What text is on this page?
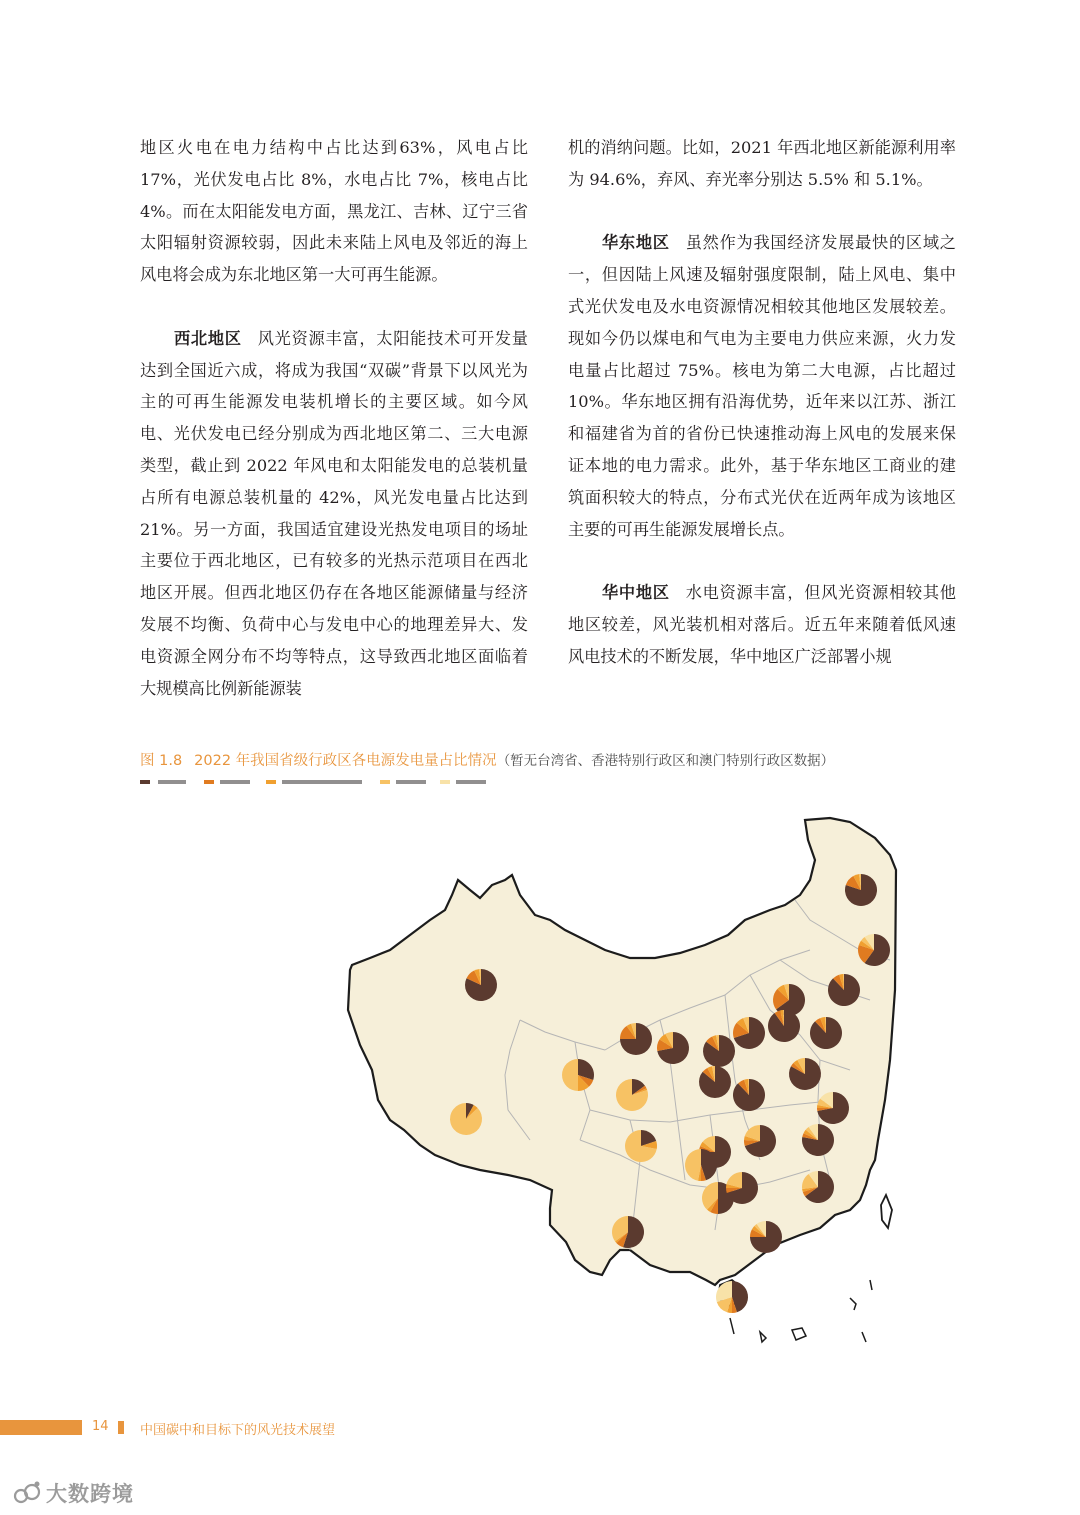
地区火电在电力结构中占比达到63%，风电占比17%，光伏发电占比 8%，水电占比 7%，核电占比4%。而在太阳能发电方面，黑龙江、吉林、辽宁三省太阳辐射资源较弱，因此未来陆上风电及邻近的海上风电将会成为东北地区第一大可再生能源。

西北地区 风光资源丰富，太阳能技术可开发量达到全国近六成，将成为我国“双碳”背景下以风光为主的可再生能源发电装机增长的主要区域。如今风电、光伏发电已经分别成为西北地区第二、三大电源类型，截止到 2022 年风电和太阳能发电的总装机量占所有电源总装机量的 42%，风光发电量占比达到 21%。另一方面，我国适宜建设光热发电项目的场址主要位于西北地区，已有较多的光热示范项目在西北地区开展。但西北地区仍存在各地区能源储量与经济发展不均衡、负荷中心与发电中心的地理差异大、发电资源全网分布不均等特点，这导致西北地区面临着大规模高比例新能源装

机的消纳问题。比如，2021 年西北地区新能源利用率为 94.6%，弃风、弃光率分别达 5.5% 和 5.1%。

华东地区 虽然作为我国经济发展最快的区域之一，但因陆上风速及辐射强度限制，陆上风电、集中式光伏发电及水电资源情况相较其他地区发展较差。现如今仍以煤电和气电为主要电力供应来源，火力发电量占比超过 75%。核电为第二大电源，占比超过 10%。华东地区拥有沿海优势，近年来以江苏、浙江和福建省为首的省份已快速推动海上风电的发展来保证本地的电力需求。此外，基于华东地区工商业的建筑面积较大的特点，分布式光伏在近两年成为该地区主要的可再生能源发展增长点。

华中地区 水电资源丰富，但风光资源相较其他地区较差，风光装机相对落后。近五年来随着低风速风电技术的不断发展，华中地区广泛部署小规

图 1.8 2022 年我国省级行政区各电源发电量占比情况（暂无台湾省、香港特别行政区和澳门特别行政区数据）
14 中国碳中和目标下的风光技术展望
大数跨境
